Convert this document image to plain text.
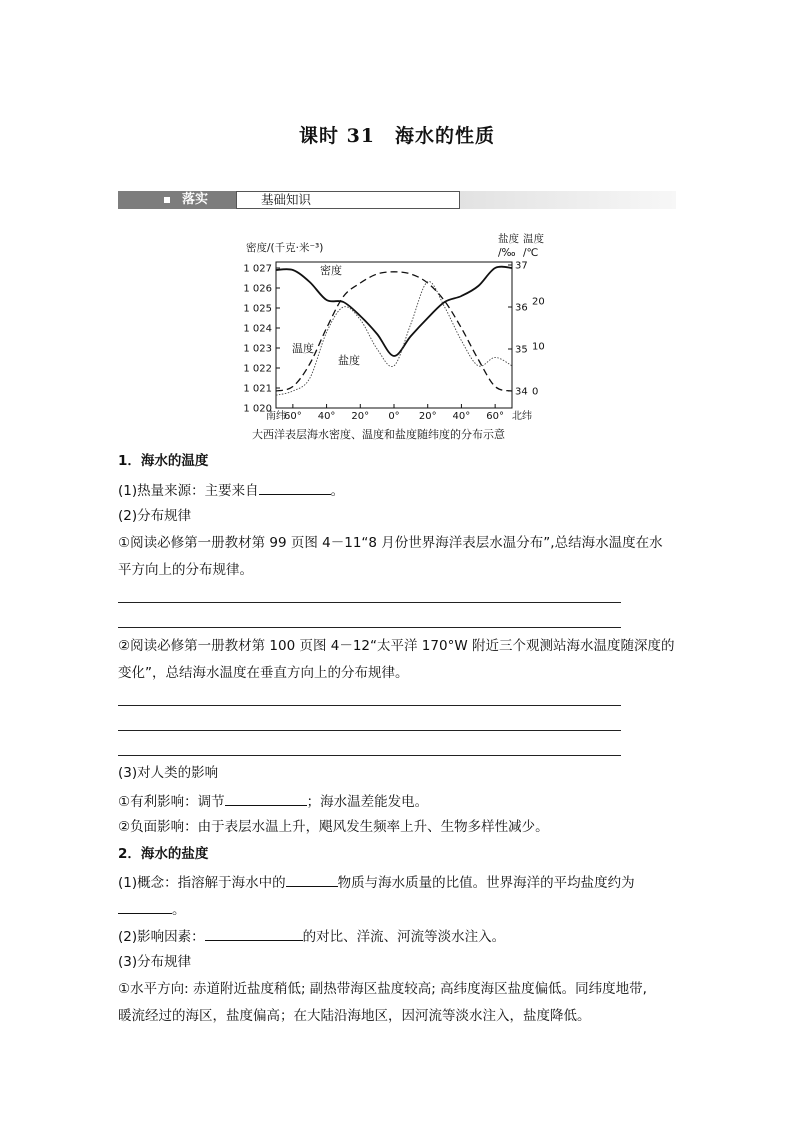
课时 31　海水的性质
落实	基础知识
密度/(千克·米⁻³)
盐度
/‰
温度
/℃
1 027
1 026
1 025
1 024
1 023
1 022
1 021
1 020
37
36
35
34
20
10
0
南纬
60° 40° 20° 0° 20° 40° 60° 北纬
密度
温度
盐度
大西洋表层海水密度、温度和盐度随纬度的分布示意
1．海水的温度
(1)热量来源：主要来自	。
(2)分布规律
①阅读必修第一册教材第 99 页图 4－11“8 月份世界海洋表层水温分布”,总结海水温度在水
平方向上的分布规律。
②阅读必修第一册教材第 100 页图 4－12“太平洋 170°W 附近三个观测站海水温度随深度的
变化”，总结海水温度在垂直方向上的分布规律。
(3)对人类的影响
①有利影响：调节	；海水温差能发电。
②负面影响：由于表层水温上升，飓风发生频率上升、生物多样性减少。
2．海水的盐度
(1)概念：指溶解于海水中的	物质与海水质量的比值。世界海洋的平均盐度约为
。
(2)影响因素：	的对比、洋流、河流等淡水注入。
(3)分布规律
①水平方向: 赤道附近盐度稍低; 副热带海区盐度较高; 高纬度海区盐度偏低。同纬度地带,
暖流经过的海区，盐度偏高；在大陆沿海地区，因河流等淡水注入，盐度降低。
